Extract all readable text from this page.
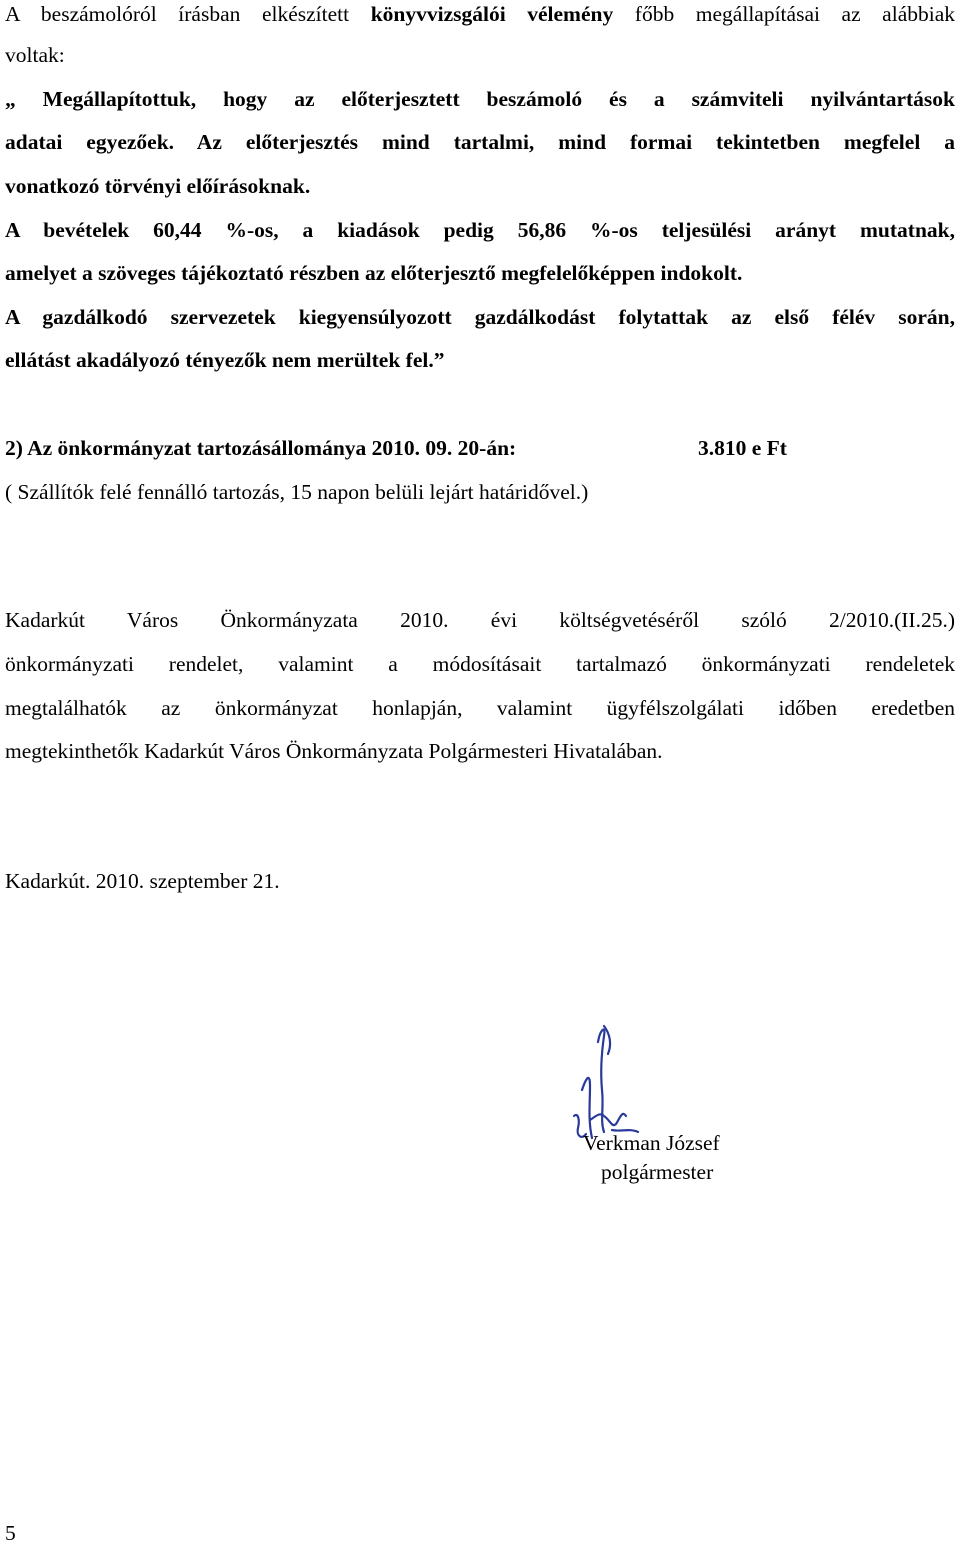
A beszámolóról írásban elkészített könyvvizsgálói vélemény főbb megállapításai az alábbiak
voltak:
„ Megállapítottuk, hogy az előterjesztett beszámoló és a számviteli nyilvántartások
adatai egyezőek. Az előterjesztés mind tartalmi, mind formai tekintetben megfelel a
vonatkozó törvényi előírásoknak.
A bevételek 60,44 %-os, a kiadások pedig 56,86 %-os teljesülési arányt mutatnak,
amelyet a szöveges tájékoztató részben az előterjesztő megfelelőképpen indokolt.
A gazdálkodó szervezetek kiegyensúlyozott gazdálkodást folytattak az első félév során,
ellátást akadályozó tényezők nem merültek fel.”
2) Az önkormányzat tartozásállománya 2010. 09. 20-án:	3.810 e Ft
( Szállítók felé fennálló tartozás, 15 napon belüli lejárt határidővel.)
Kadarkút Város Önkormányzata 2010. évi költségvetéséről szóló 2/2010.(II.25.)
önkormányzati rendelet, valamint a módosításait tartalmazó önkormányzati rendeletek
megtalálhatók az önkormányzat honlapján, valamint ügyfélszolgálati időben eredetben
megtekinthetők Kadarkút Város Önkormányzata Polgármesteri Hivatalában.
Kadarkút. 2010. szeptember 21.
Verkman József
polgármester
5
